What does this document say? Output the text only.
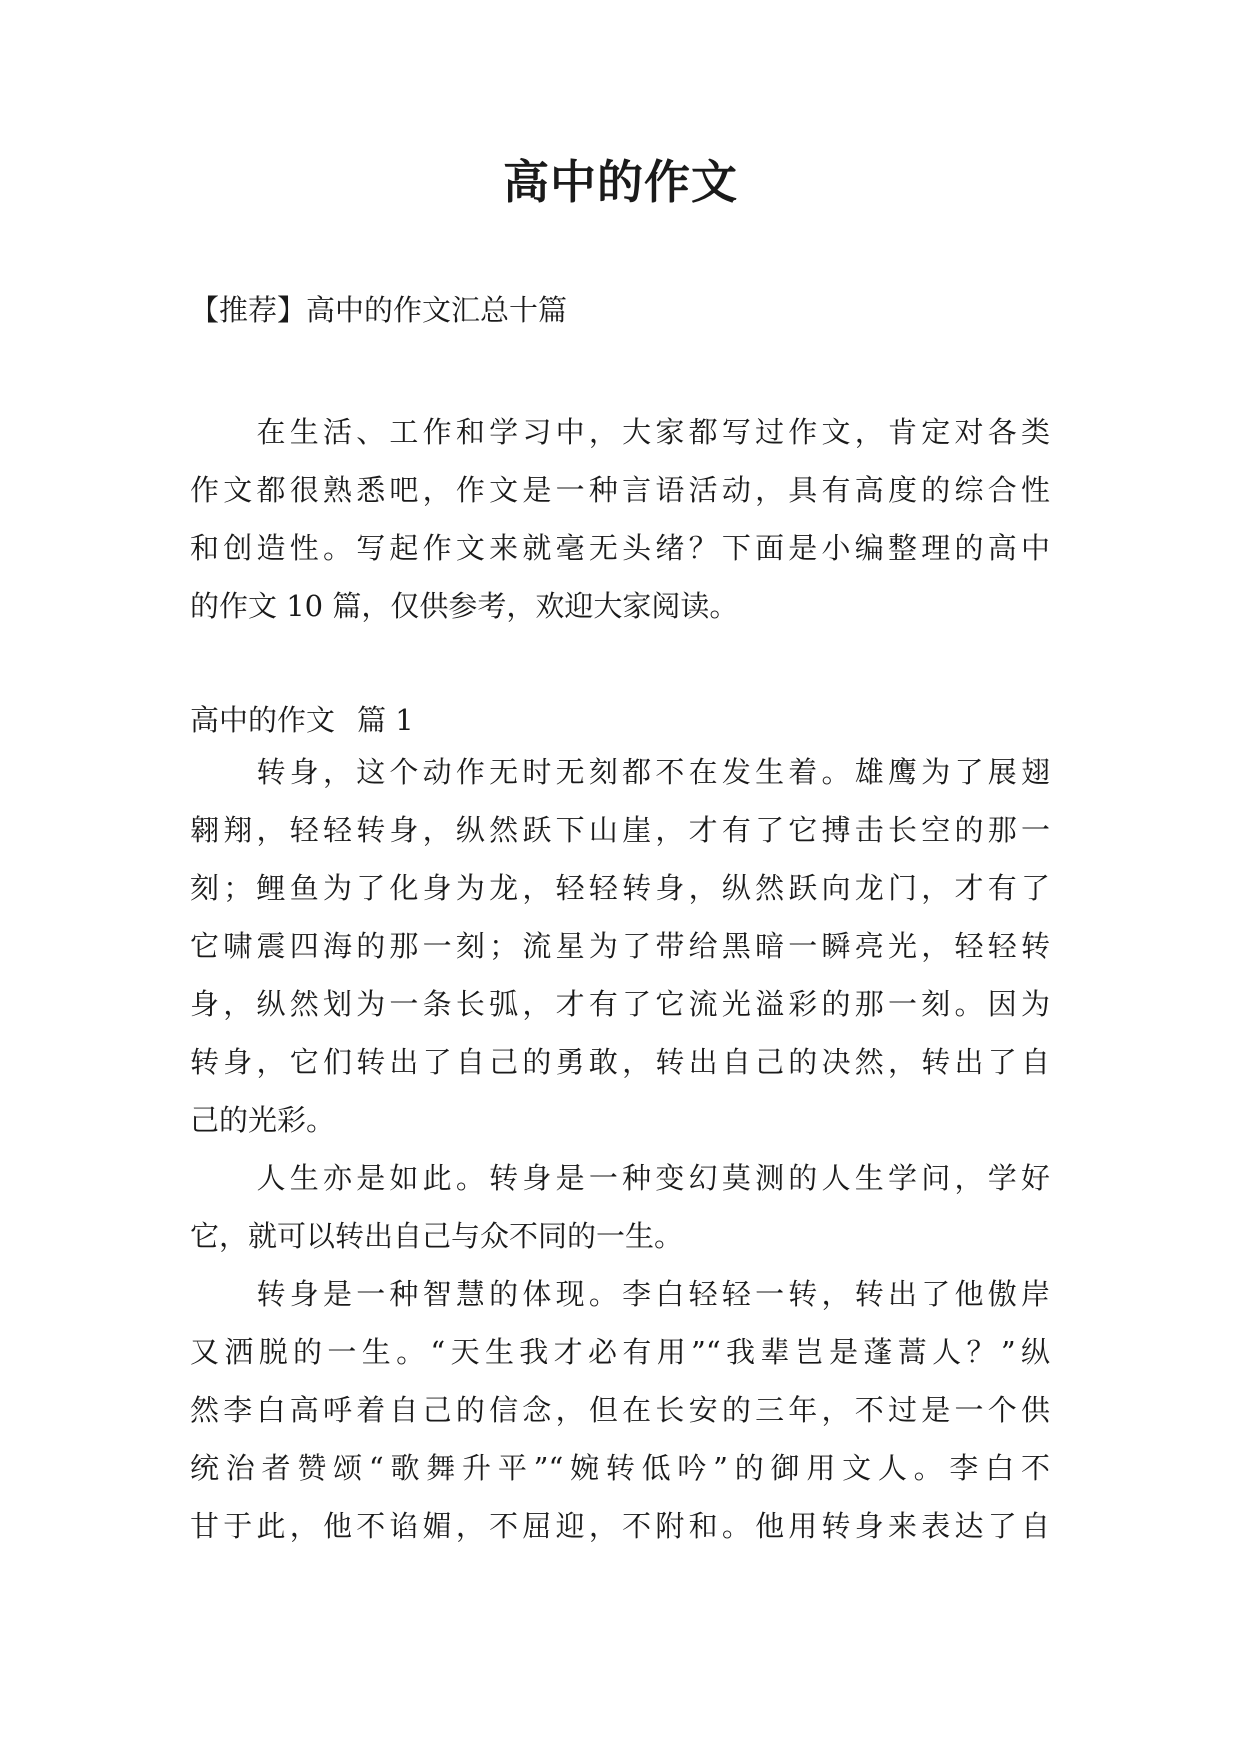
高中的作文

【推荐】高中的作文汇总十篇

　　在生活、工作和学习中，大家都写过作文，肯定对各类
作文都很熟悉吧，作文是一种言语活动，具有高度的综合性
和创造性。写起作文来就毫无头绪？下面是小编整理的高中
的作文 10 篇，仅供参考，欢迎大家阅读。

高中的作文 篇 1

　　转身，这个动作无时无刻都不在发生着。雄鹰为了展翅
翱翔，轻轻转身，纵然跃下山崖，才有了它搏击长空的那一
刻；鲤鱼为了化身为龙，轻轻转身，纵然跃向龙门，才有了
它啸震四海的那一刻；流星为了带给黑暗一瞬亮光，轻轻转
身，纵然划为一条长弧，才有了它流光溢彩的那一刻。因为
转身，它们转出了自己的勇敢，转出自己的决然，转出了自
己的光彩。
　　人生亦是如此。转身是一种变幻莫测的人生学问，学好
它，就可以转出自己与众不同的一生。
　　转身是一种智慧的体现。李白轻轻一转，转出了他傲岸
又洒脱的一生。“天生我才必有用”“我辈岂是蓬蒿人？”纵
然李白高呼着自己的信念，但在长安的三年，不过是一个供
统治者赞颂“歌舞升平”“婉转低吟”的御用文人。李白不
甘于此，他不谄媚，不屈迎，不附和。他用转身来表达了自
